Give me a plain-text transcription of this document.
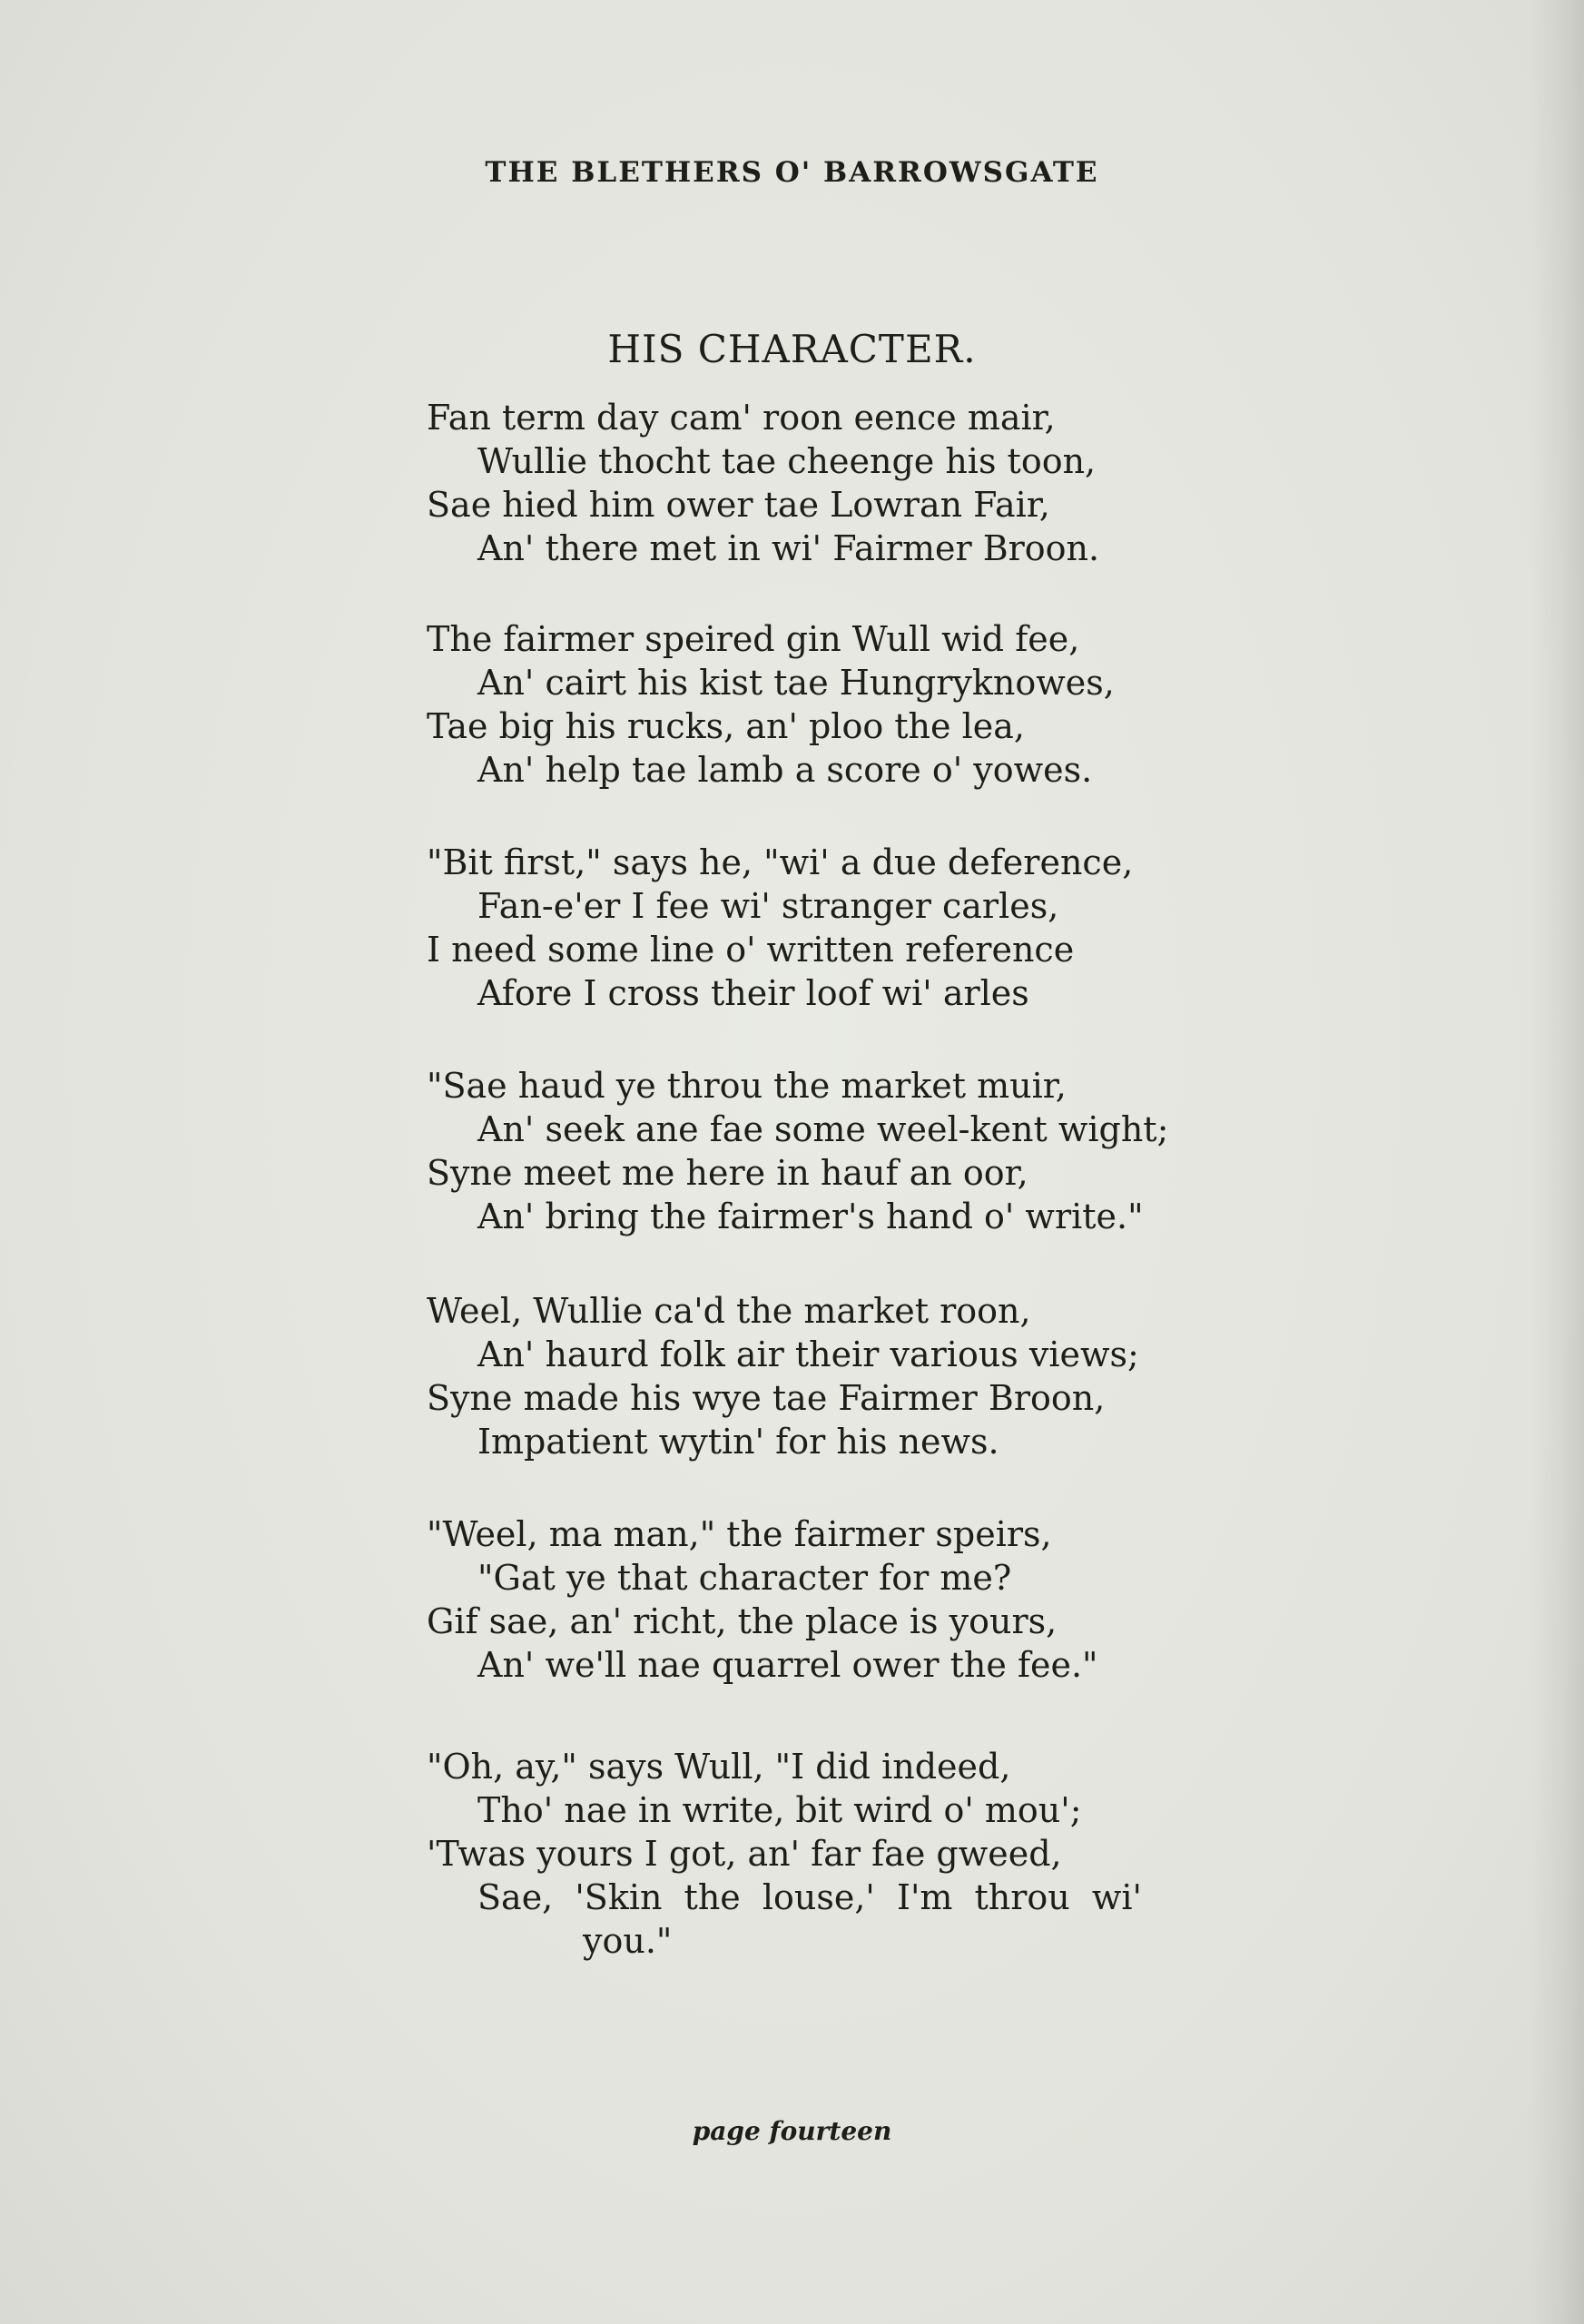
THE BLETHERS O' BARROWSGATE
HIS CHARACTER.
Fan term day cam' roon eence mair,
Wullie thocht tae cheenge his toon,
Sae hied him ower tae Lowran Fair,
An' there met in wi' Fairmer Broon.
The fairmer speired gin Wull wid fee,
An' cairt his kist tae Hungryknowes,
Tae big his rucks, an' ploo the lea,
An' help tae lamb a score o' yowes.
"Bit first," says he, "wi' a due deference,
Fan-e'er I fee wi' stranger carles,
I need some line o' written reference
Afore I cross their loof wi' arles
"Sae haud ye throu the market muir,
An' seek ane fae some weel-kent wight;
Syne meet me here in hauf an oor,
An' bring the fairmer's hand o' write."
Weel, Wullie ca'd the market roon,
An' haurd folk air their various views;
Syne made his wye tae Fairmer Broon,
Impatient wytin' for his news.
"Weel, ma man," the fairmer speirs,
"Gat ye that character for me?
Gif sae, an' richt, the place is yours,
An' we'll nae quarrel ower the fee."
"Oh, ay," says Wull, "I did indeed,
Tho' nae in write, bit wird o' mou';
'Twas yours I got, an' far fae gweed,
Sae, 'Skin the louse,' I'm throu wi'
you."
page fourteen
